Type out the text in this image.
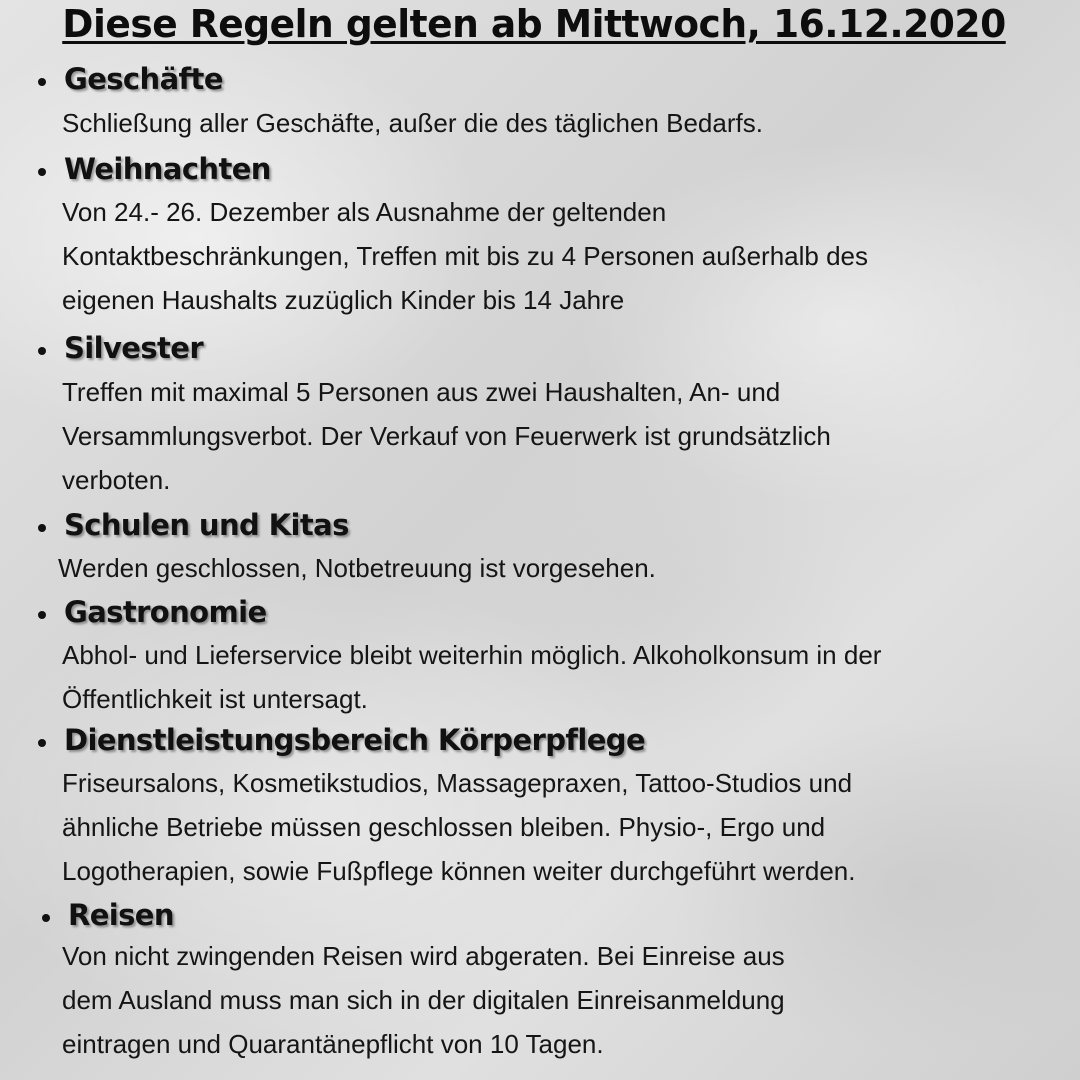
Diese Regeln gelten ab Mittwoch, 16.12.2020
Geschäfte
Schließung aller Geschäfte, außer die des täglichen Bedarfs.
Weihnachten
Von 24.- 26. Dezember als Ausnahme der geltenden
Kontaktbeschränkungen, Treffen mit bis zu 4 Personen außerhalb des
eigenen Haushalts zuzüglich Kinder bis 14 Jahre
Silvester
Treffen mit maximal 5 Personen aus zwei Haushalten, An- und
Versammlungsverbot. Der Verkauf von Feuerwerk ist grundsätzlich
verboten.
Schulen und Kitas
Werden geschlossen, Notbetreuung ist vorgesehen.
Gastronomie
Abhol- und Lieferservice bleibt weiterhin möglich. Alkoholkonsum in der
Öffentlichkeit ist untersagt.
Dienstleistungsbereich Körperpflege
Friseursalons, Kosmetikstudios, Massagepraxen, Tattoo-Studios und
ähnliche Betriebe müssen geschlossen bleiben. Physio-, Ergo und
Logotherapien, sowie Fußpflege können weiter durchgeführt werden.
Reisen
Von nicht zwingenden Reisen wird abgeraten. Bei Einreise aus
dem Ausland muss man sich in der digitalen Einreisanmeldung
eintragen und Quarantänepflicht von 10 Tagen.
